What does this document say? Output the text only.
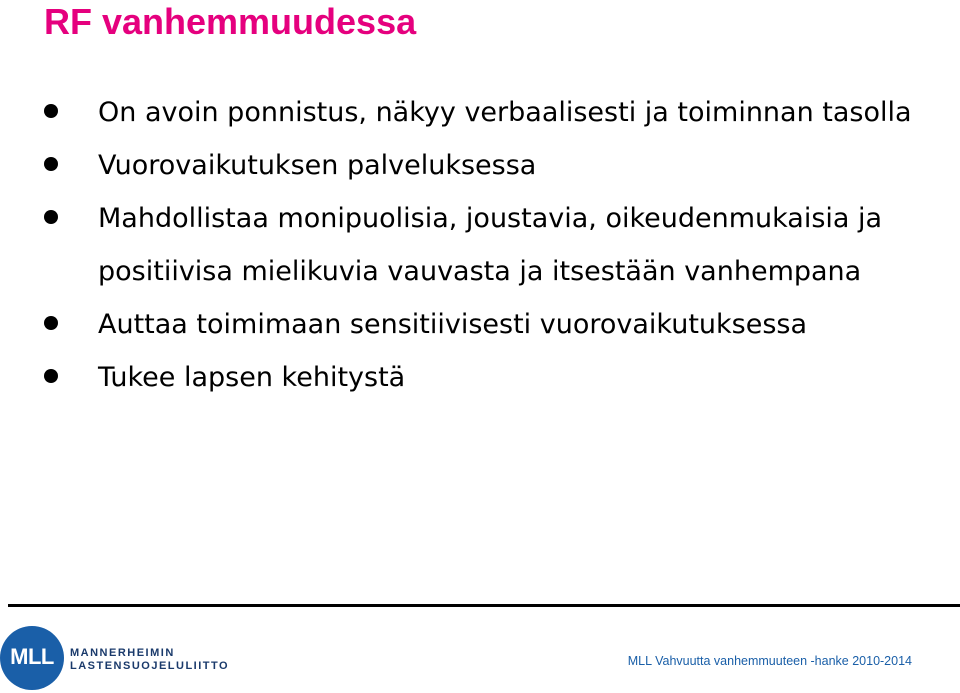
RF vanhemmuudessa
On avoin ponnistus, näkyy verbaalisesti ja toiminnan tasolla
Vuorovaikutuksen palveluksessa
Mahdollistaa monipuolisia, joustavia, oikeudenmukaisia ja positiivisa mielikuvia vauvasta ja itsestään vanhempana
Auttaa toimimaan sensitiivisesti vuorovaikutuksessa
Tukee lapsen kehitystä
MLL	MANNERHEIMIN
LASTENSUOJELULIITTO	MLL Vahvuutta vanhemmuuteen -hanke 2010-2014
